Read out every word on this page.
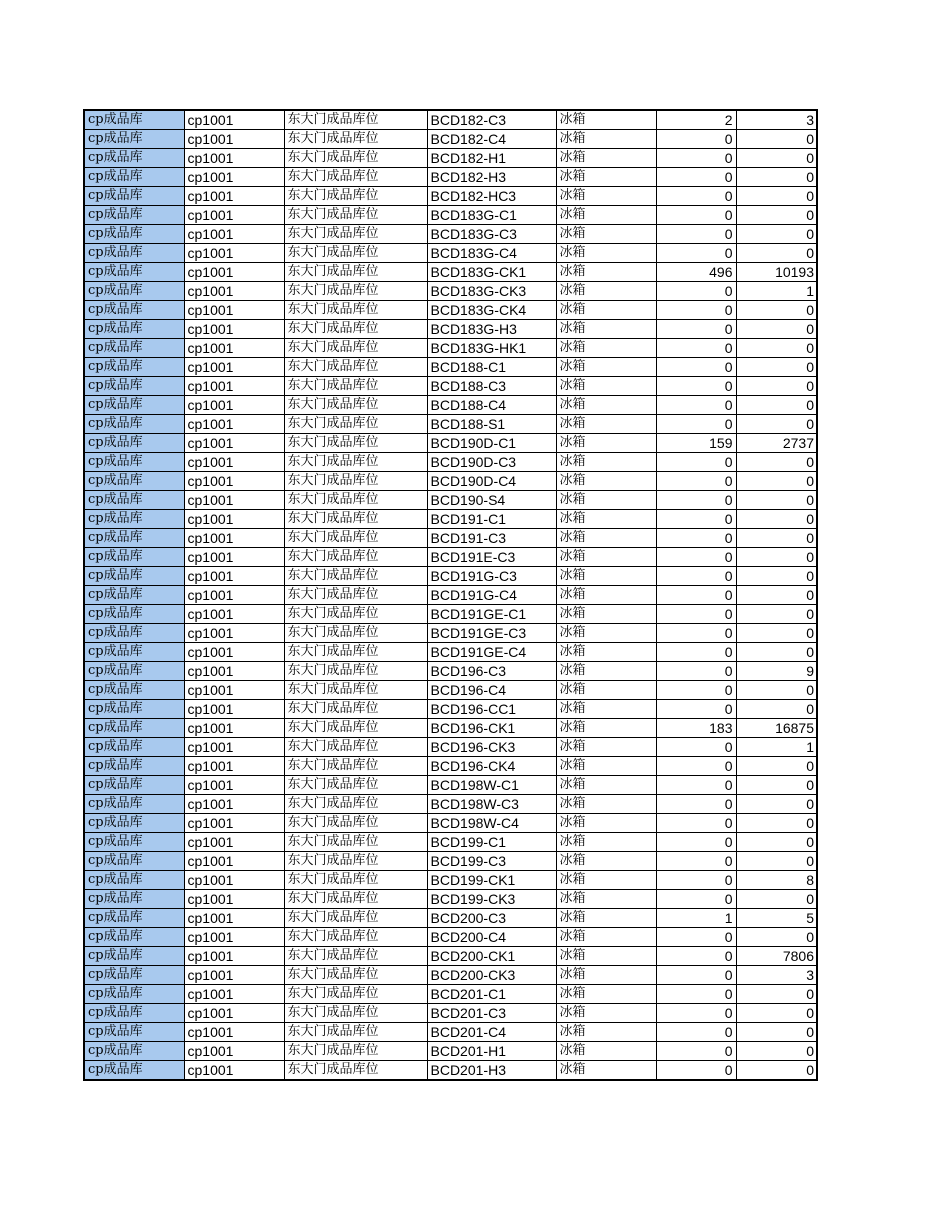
cp成品库	cp1001	东大门成品库位	BCD182-C3	冰箱	2	3
cp成品库	cp1001	东大门成品库位	BCD182-C4	冰箱	0	0
cp成品库	cp1001	东大门成品库位	BCD182-H1	冰箱	0	0
cp成品库	cp1001	东大门成品库位	BCD182-H3	冰箱	0	0
cp成品库	cp1001	东大门成品库位	BCD182-HC3	冰箱	0	0
cp成品库	cp1001	东大门成品库位	BCD183G-C1	冰箱	0	0
cp成品库	cp1001	东大门成品库位	BCD183G-C3	冰箱	0	0
cp成品库	cp1001	东大门成品库位	BCD183G-C4	冰箱	0	0
cp成品库	cp1001	东大门成品库位	BCD183G-CK1	冰箱	496	10193
cp成品库	cp1001	东大门成品库位	BCD183G-CK3	冰箱	0	1
cp成品库	cp1001	东大门成品库位	BCD183G-CK4	冰箱	0	0
cp成品库	cp1001	东大门成品库位	BCD183G-H3	冰箱	0	0
cp成品库	cp1001	东大门成品库位	BCD183G-HK1	冰箱	0	0
cp成品库	cp1001	东大门成品库位	BCD188-C1	冰箱	0	0
cp成品库	cp1001	东大门成品库位	BCD188-C3	冰箱	0	0
cp成品库	cp1001	东大门成品库位	BCD188-C4	冰箱	0	0
cp成品库	cp1001	东大门成品库位	BCD188-S1	冰箱	0	0
cp成品库	cp1001	东大门成品库位	BCD190D-C1	冰箱	159	2737
cp成品库	cp1001	东大门成品库位	BCD190D-C3	冰箱	0	0
cp成品库	cp1001	东大门成品库位	BCD190D-C4	冰箱	0	0
cp成品库	cp1001	东大门成品库位	BCD190-S4	冰箱	0	0
cp成品库	cp1001	东大门成品库位	BCD191-C1	冰箱	0	0
cp成品库	cp1001	东大门成品库位	BCD191-C3	冰箱	0	0
cp成品库	cp1001	东大门成品库位	BCD191E-C3	冰箱	0	0
cp成品库	cp1001	东大门成品库位	BCD191G-C3	冰箱	0	0
cp成品库	cp1001	东大门成品库位	BCD191G-C4	冰箱	0	0
cp成品库	cp1001	东大门成品库位	BCD191GE-C1	冰箱	0	0
cp成品库	cp1001	东大门成品库位	BCD191GE-C3	冰箱	0	0
cp成品库	cp1001	东大门成品库位	BCD191GE-C4	冰箱	0	0
cp成品库	cp1001	东大门成品库位	BCD196-C3	冰箱	0	9
cp成品库	cp1001	东大门成品库位	BCD196-C4	冰箱	0	0
cp成品库	cp1001	东大门成品库位	BCD196-CC1	冰箱	0	0
cp成品库	cp1001	东大门成品库位	BCD196-CK1	冰箱	183	16875
cp成品库	cp1001	东大门成品库位	BCD196-CK3	冰箱	0	1
cp成品库	cp1001	东大门成品库位	BCD196-CK4	冰箱	0	0
cp成品库	cp1001	东大门成品库位	BCD198W-C1	冰箱	0	0
cp成品库	cp1001	东大门成品库位	BCD198W-C3	冰箱	0	0
cp成品库	cp1001	东大门成品库位	BCD198W-C4	冰箱	0	0
cp成品库	cp1001	东大门成品库位	BCD199-C1	冰箱	0	0
cp成品库	cp1001	东大门成品库位	BCD199-C3	冰箱	0	0
cp成品库	cp1001	东大门成品库位	BCD199-CK1	冰箱	0	8
cp成品库	cp1001	东大门成品库位	BCD199-CK3	冰箱	0	0
cp成品库	cp1001	东大门成品库位	BCD200-C3	冰箱	1	5
cp成品库	cp1001	东大门成品库位	BCD200-C4	冰箱	0	0
cp成品库	cp1001	东大门成品库位	BCD200-CK1	冰箱	0	7806
cp成品库	cp1001	东大门成品库位	BCD200-CK3	冰箱	0	3
cp成品库	cp1001	东大门成品库位	BCD201-C1	冰箱	0	0
cp成品库	cp1001	东大门成品库位	BCD201-C3	冰箱	0	0
cp成品库	cp1001	东大门成品库位	BCD201-C4	冰箱	0	0
cp成品库	cp1001	东大门成品库位	BCD201-H1	冰箱	0	0
cp成品库	cp1001	东大门成品库位	BCD201-H3	冰箱	0	0
